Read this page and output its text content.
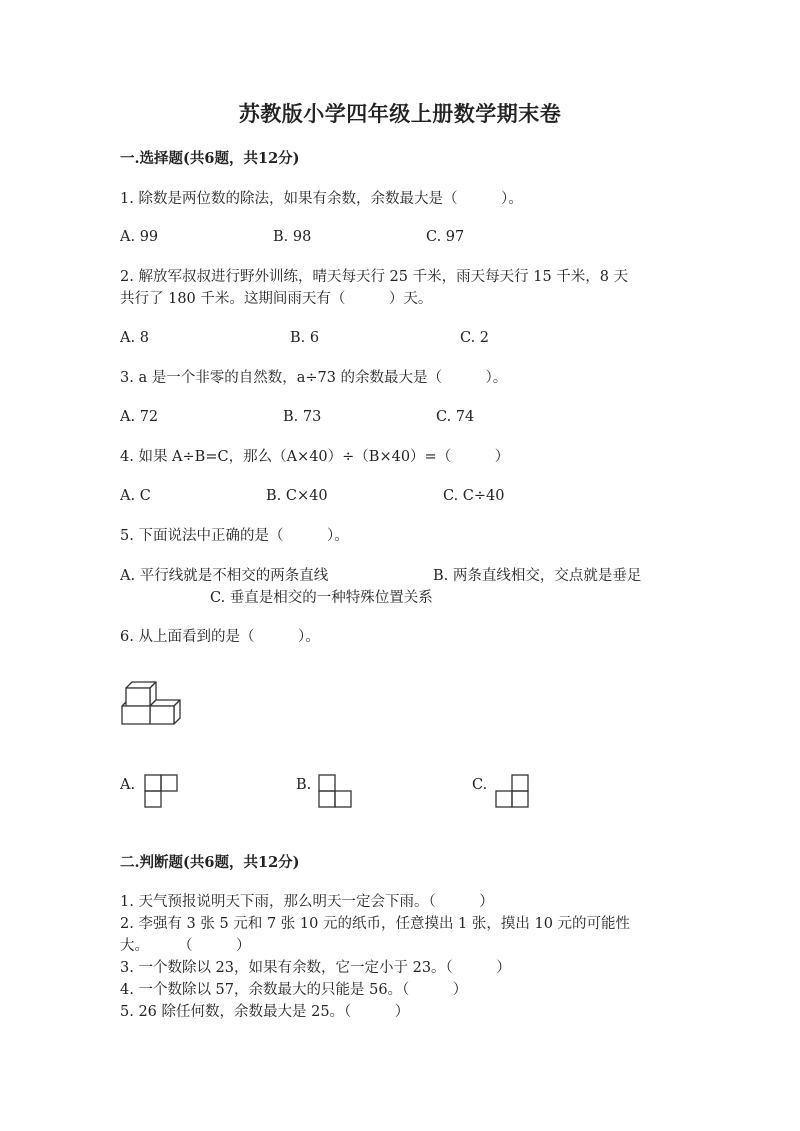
苏教版小学四年级上册数学期末卷
一.选择题(共6题，共12分)
1. 除数是两位数的除法，如果有余数，余数最大是（　　　）。
A. 99	B. 98	C. 97
2. 解放军叔叔进行野外训练，晴天每天行 25 千米，雨天每天行 15 千米，8 天
共行了 180 千米。这期间雨天有（　　　）天。
A. 8	B. 6	C. 2
3. a 是一个非零的自然数，a÷73 的余数最大是（　　　）。
A. 72	B. 73	C. 74
4. 如果 A÷B=C，那么（A×40）÷（B×40）=（　　　）
A. C	B. C×40	C. C÷40
5. 下面说法中正确的是（　　　）。
A. 平行线就是不相交的两条直线	B. 两条直线相交，交点就是垂足
C. 垂直是相交的一种特殊位置关系
6. 从上面看到的是（　　　）。
A.	B.	C.
二.判断题(共6题，共12分)
1. 天气预报说明天下雨，那么明天一定会下雨。（　　　）
2. 李强有 3 张 5 元和 7 张 10 元的纸币，任意摸出 1 张，摸出 10 元的可能性
大。　　　（　　　）
3. 一个数除以 23，如果有余数，它一定小于 23。（　　　）
4. 一个数除以 57，余数最大的只能是 56。（　　　）
5. 26 除任何数，余数最大是 25。（　　　）
